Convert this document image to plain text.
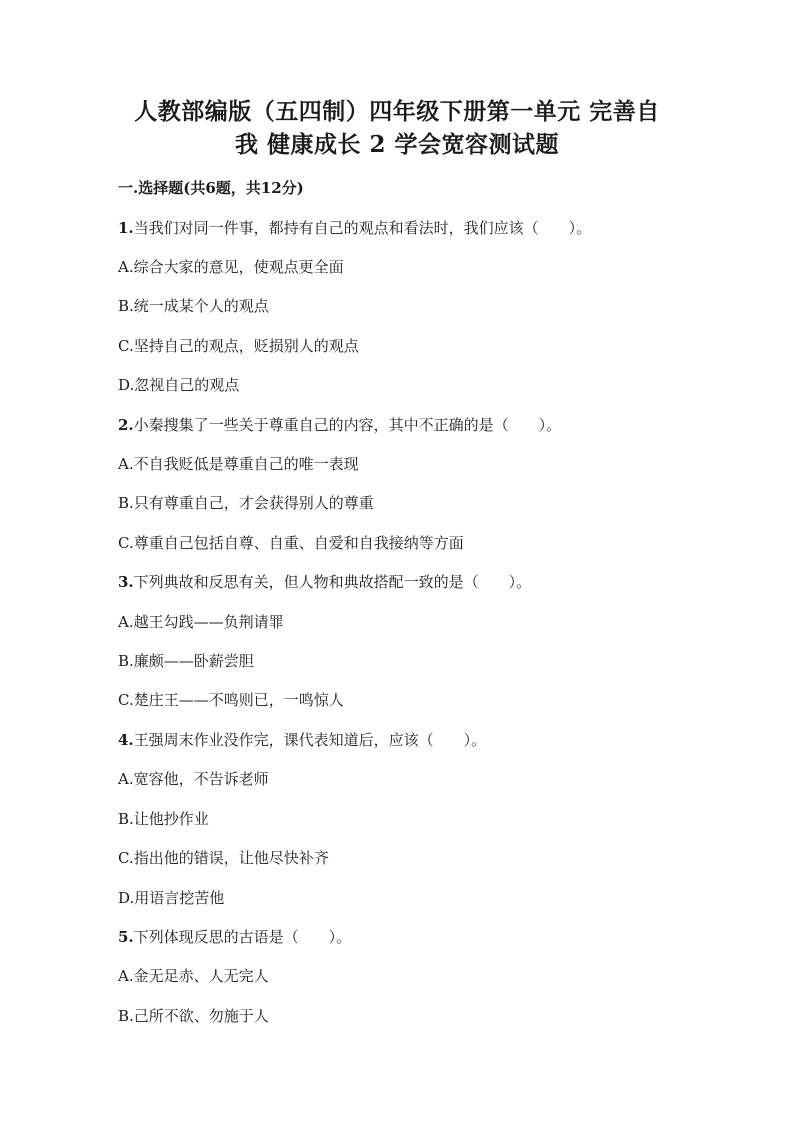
人教部编版（五四制）四年级下册第一单元 完善自
我 健康成长 2 学会宽容测试题
一.选择题(共6题，共12分)
1.当我们对同一件事，都持有自己的观点和看法时，我们应该（　　）。
A.综合大家的意见，使观点更全面
B.统一成某个人的观点
C.坚持自己的观点，贬损别人的观点
D.忽视自己的观点
2.小秦搜集了一些关于尊重自己的内容，其中不正确的是（　　）。
A.不自我贬低是尊重自己的唯一表现
B.只有尊重自己，才会获得别人的尊重
C.尊重自己包括自尊、自重、自爱和自我接纳等方面
3.下列典故和反思有关，但人物和典故搭配一致的是（　　）。
A.越王勾践——负荆请罪
B.廉颇——卧薪尝胆
C.楚庄王——不鸣则已，一鸣惊人
4.王强周末作业没作完，课代表知道后，应该（　　）。
A.宽容他，不告诉老师
B.让他抄作业
C.指出他的错误，让他尽快补齐
D.用语言挖苦他
5.下列体现反思的古语是（　　）。
A.金无足赤、人无完人
B.己所不欲、勿施于人
